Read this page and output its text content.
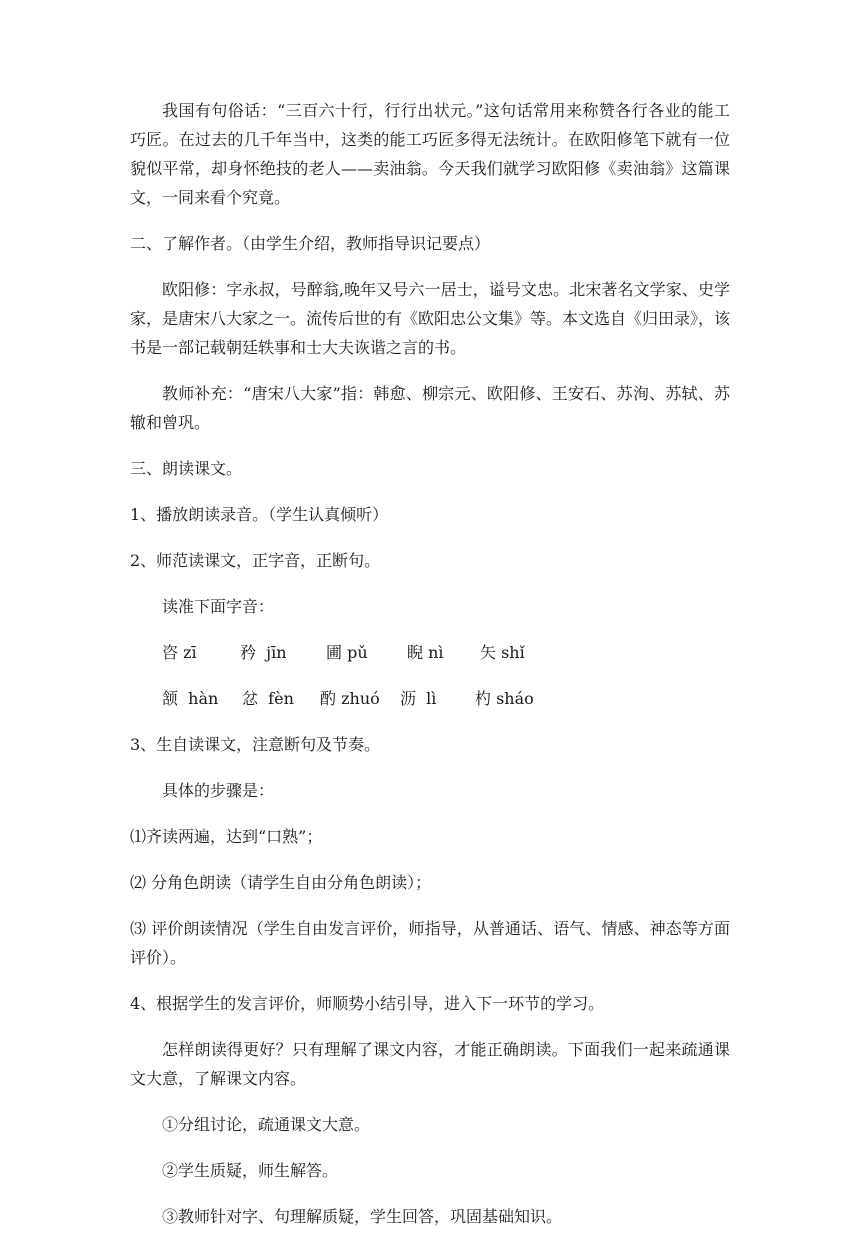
我国有句俗话：“三百六十行，行行出状元。”这句话常用来称赞各行各业的能工巧匠。在过去的几千年当中，这类的能工巧匠多得无法统计。在欧阳修笔下就有一位貌似平常，却身怀绝技的老人——卖油翁。今天我们就学习欧阳修《卖油翁》这篇课文，一同来看个究竟。

二、了解作者。（由学生介绍，教师指导识记要点）

欧阳修：字永叔，号醉翁,晚年又号六一居士，谥号文忠。北宋著名文学家、史学家，是唐宋八大家之一。流传后世的有《欧阳忠公文集》等。本文选自《归田录》，该书是一部记载朝廷轶事和士大夫诙谐之言的书。

教师补充：“唐宋八大家”指：韩愈、柳宗元、欧阳修、王安石、苏洵、苏轼、苏辙和曾巩。

三、朗读课文。

1、播放朗读录音。（学生认真倾听）

2、师范读课文，正字音，正断句。

读准下面字音：

咨 zī	矜  jīn	圃 pǔ	睨 nì	矢 shǐ
颔  hàn	忿  fèn	酌 zhuó	沥  lì	杓 sháo

3、生自读课文，注意断句及节奏。

具体的步骤是：

⑴齐读两遍，达到“口熟”；

⑵ 分角色朗读（请学生自由分角色朗读）；

⑶ 评价朗读情况（学生自由发言评价，师指导，从普通话、语气、情感、神态等方面评价）。

4、根据学生的发言评价，师顺势小结引导，进入下一环节的学习。

怎样朗读得更好？只有理解了课文内容，才能正确朗读。下面我们一起来疏通课文大意，了解课文内容。

①分组讨论，疏通课文大意。

②学生质疑，师生解答。

③教师针对字、句理解质疑，学生回答，巩固基础知识。
